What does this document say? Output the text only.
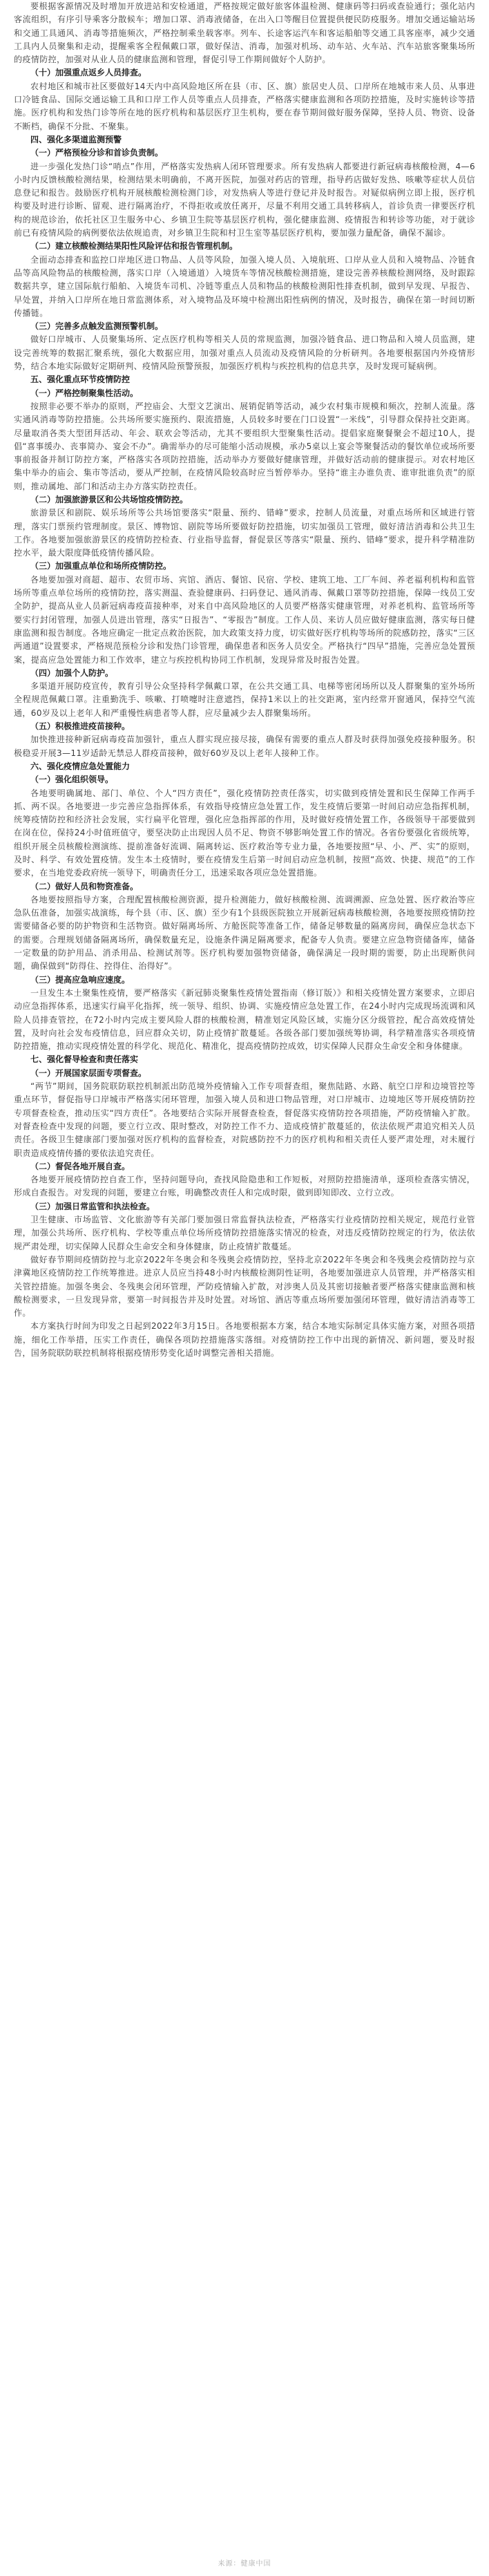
要根据客源情况及时增加开放进站和安检通道，严格按规定做好旅客体温检测、健康码等扫码或查验通行；强化站内客流组织，有序引导乘客分散候车；增加口罩、消毒液储备，在出入口等醒目位置提供便民防疫服务。增加交通运输站场和交通工具通风、消毒等措施频次，严格控制乘坐载客率。列车、长途客运汽车和客运船舶等交通工具客座率，减少交通工具内人员聚集和走动，提醒乘客全程佩戴口罩，做好保洁、消毒，加强对机场、动车站、火车站、汽车站旅客聚集场所的疫情防控，加强对从业人员的健康监测和管理，督促引导工作期间做好个人防护。

（十）加强重点返乡人员排查。

农村地区和城市社区要做好14天内中高风险地区所在县（市、区、旗）旅居史人员、口岸所在地城市来人员、从事进口冷链食品、国际交通运输工具和口岸工作人员等重点人员排查，严格落实健康监测和各项防控措施，及时实施转诊等措施。医疗机构和发热门诊等所在地的医疗机构和基层医疗卫生机构，要在春节期间做好服务保障，坚持人员、物资、设备不断档，确保不分批、不聚集。

四、强化多渠道监测预警

（一）严格预检分诊和首诊负责制。

进一步强化发热门诊“哨点”作用，严格落实发热病人闭环管理要求。所有发热病人都要进行新冠病毒核酸检测，4—6小时内反馈核酸检测结果，检测结果未明确前，不离开医院，加强对药店的管理，指导药店做好发热、咳嗽等症状人员信息登记和报告。鼓励医疗机构开展核酸检测检测门诊，对发热病人等进行登记并及时报告。对疑似病例立即上报，医疗机构要及时进行诊断、留观、进行隔离治疗，不得拒收或放任离开，尽量不利用交通工具转移病人，首诊负责一律要医疗机构的规范诊治，依托社区卫生服务中心、乡镇卫生院等基层医疗机构，强化健康监测、疫情报告和转诊等功能，对于就诊前已有疫情风险的病例要依法依规追责，对乡镇卫生院和村卫生室等基层医疗机构，要加强力量配备，确保不漏诊。

（二）建立核酸检测结果阳性风险评估和报告管理机制。

全面动态排查和监控口岸地区进口物品、人员等风险，加强入境人员、入境航班、口岸从业人员和入境物品、冷链食品等高风险物品的核酸检测，落实口岸（入境通道）入境货车等情况核酸检测措施，建设完善养核酸检测网络，及时跟踪数据共享，建立国际航行船舶、入境货车司机、冷链等重点人员和物品的核酸检测阳性排查机制，做到早发现、早报告、早处置，并纳入口岸所在地日常监测体系，对入境物品及环境中检测出阳性病例的情况，及时报告，确保在第一时间切断传播链。

（三）完善多点触发监测预警机制。

做好口岸城市、人员聚集场所、定点医疗机构等相关人员的常规监测，加强冷链食品、进口物品和入境人员监测，建设完善统筹的数据汇聚系统，强化大数据应用，加强对重点人员流动及疫情风险的分析研判。各地要根据国内外疫情形势，结合本地实际做好定期研判、疫情风险预警预报，加强医疗机构与疾控机构的信息共享，及时发现可疑病例。

五、强化重点环节疫情防控

（一）严格控制聚集性活动。

按照非必要不举办的原则，严控庙会、大型文艺演出、展销促销等活动，减少农村集市规模和频次，控制人流量。落实通风消毒等防控措施。公共场所要实施预约、限流措施，人员较多时要在门口设置“一米线”，引导群众保持社交距离。尽量取消各类大型团拜活动、年会、联欢会等活动，尤其不要组织大型聚集性活动。提倡家庭聚餐聚会不超过10人，提倡“喜事缓办、丧事简办、宴会不办”。确需举办的尽可能缩小活动规模，承办5桌以上宴会等聚餐活动的餐饮单位或场所要事前报备并制订防控方案，严格落实各项防控措施，活动举办方要做好健康管理，并做好活动前的健康提示。对农村地区集中举办的庙会、集市等活动，要从严控制，在疫情风险较高时应当暂停举办。坚持“谁主办谁负责、谁审批谁负责”的原则，推动属地、部门和活动主办方落实防控责任。

（二）加强旅游景区和公共场馆疫情防控。

旅游景区和剧院、娱乐场所等公共场馆要落实“限量、预约、错峰”要求，控制人员流量，对重点场所和区域进行管理，落实门票预约管理制度。景区、博物馆、剧院等场所要做好防控措施，切实加强员工管理，做好清洁消毒和公共卫生工作。各地要加强旅游景区的疫情防控检查、行业指导监督，督促景区等落实“限量、预约、错峰”要求，提升科学精准防控水平，最大限度降低疫情传播风险。

（三）加强重点单位和场所疫情防控。

各地要加强对商超、超市、农贸市场、宾馆、酒店、餐馆、民宿、学校、建筑工地、工厂车间、养老福利机构和监管场所等重点单位场所的疫情防控，落实测温、查验健康码、扫码登记、通风消毒、佩戴口罩等防控措施，保障一线员工安全防护，提高从业人员新冠病毒疫苗接种率，对来自中高风险地区的人员要严格落实健康管理，对养老机构、监管场所等要实行封闭管理，加强人员进出管理，落实“日报告”、“零报告”制度。工作人员、来访人员应做好健康监测，落实每日健康监测和报告制度。各地应确定一批定点救治医院，加大政策支持力度，切实做好医疗机构等场所的院感防控，落实“三区两通道”设置要求，严格规范预检分诊和发热门诊管理，确保患者和医务人员安全。严格执行“四早”措施，完善应急处置预案，提高应急处置能力和工作效率，建立与疾控机构协同工作机制，发现异常及时报告处置。

（四）加强个人防护。

多渠道开展防疫宣传，教育引导公众坚持科学佩戴口罩，在公共交通工具、电梯等密闭场所以及人群聚集的室外场所全程规范佩戴口罩。注重勤洗手、咳嗽、打喷嚏时注意遮挡，保持1米以上的社交距离，室内经常开窗通风，保持空气流通，60岁及以上老年人和严重慢性病患者等人群，应尽量减少去人群聚集场所。

（五）积极推进疫苗接种。

加快推进接种新冠病毒疫苗加强针，重点人群实现应接尽接，确保有需要的重点人群及时获得加强免疫接种服务。积极稳妥开展3—11岁适龄无禁忌人群疫苗接种，做好60岁及以上老年人接种工作。

六、强化疫情应急处置能力

（一）强化组织领导。

各地要明确属地、部门、单位、个人“四方责任”，强化疫情防控责任落实，切实做到疫情处置和民生保障工作两手抓、两不误。各地要进一步完善应急指挥体系，有效指导疫情应急处置工作，发生疫情后要第一时间启动应急指挥机制，统筹疫情防控和经济社会发展，实行扁平化管理，强化应急指挥部的作用，及时做好疫情处置工作，各级领导干部要做到在岗在位，保持24小时值班值守，要坚决防止出现因人员不足、物资不够影响处置工作的情况。各省份要强化省级统筹，组织开展全员核酸检测演练、提前准备好流调、隔离转运、医疗救治等专业力量，各地要按照“早、小、严、实”的原则，及时、科学、有效处置疫情。发生本土疫情时，要在疫情发生后第一时间启动应急机制，按照“高效、快捷、规范”的工作要求，在当地党委政府统一领导下，明确责任分工，迅速采取各项应急处置措施。

（二）做好人员和物资准备。

各地要按照指导方案，合理配置核酸检测资源，提升检测能力，做好核酸检测、流调溯源、应急处置、医疗救治等应急队伍准备，加强实战演练，每个县（市、区、旗）至少有1个县级医院独立开展新冠病毒核酸检测，各地要按照疫情防控需要储备必要的防护物资和生活物资。做好隔离场所、方舱医院等准备工作，储备足够数量的隔离房间，确保应急状态下的需要。合理规划储备隔离场所，确保数量充足，设施条件满足隔离要求，配备专人负责。要建立应急物资储备库，储备一定数量的防护用品、消杀用品、检测试剂等。医疗机构要加强物资储备，确保满足一段时期的需要，防止出现断供问题，确保做到“防得住、控得住、治得好”。

（三）提高应急响应速度。

一旦发生本土聚集性疫情，要严格落实《新冠肺炎聚集性疫情处置指南（修订版）》和相关疫情处置方案要求，立即启动应急指挥体系，迅速实行扁平化指挥，统一领导、组织、协调、实施疫情应急处置工作，在24小时内完成现场流调和风险人员排查管控，在72小时内完成主要风险人群的核酸检测，精准划定风险区域，实施分区分级管控，配合高效疫情处置，及时向社会发布疫情信息，回应群众关切，防止疫情扩散蔓延。各级各部门要加强统筹协调，科学精准落实各项疫情防控措施，推动实现疫情处置的科学化、规范化、精准化，提高疫情防控成效，切实保障人民群众生命安全和身体健康。

七、强化督导检查和责任落实

（一）开展国家层面专项督查。

“两节”期间，国务院联防联控机制派出防范境外疫情输入工作专项督查组，聚焦陆路、水路、航空口岸和边境管控等重点环节，督促指导口岸城市严格落实闭环管理，加强入境人员和进口物品管理，对口岸城市、边境地区等开展疫情防控专项督查检查，推动压实“四方责任”。各地要结合实际开展督查检查，督促落实疫情防控各项措施，严防疫情输入扩散。对督查检查中发现的问题，要立行立改、限时整改，对防控工作不力、造成疫情扩散蔓延的，依法依规严肃追究相关人员责任。各级卫生健康部门要加强对医疗机构的监督检查，对院感防控不力的医疗机构和相关责任人要严肃处理，对未履行职责造成疫情传播的要依法追究责任。

（二）督促各地开展自查。

各地要开展疫情防控自查工作，坚持问题导向，查找风险隐患和工作短板，对照防控措施清单，逐项检查落实情况，形成自查报告。对发现的问题，要建立台账，明确整改责任人和完成时限，做到即知即改、立行立改。

（三）加强日常监管和执法检查。

卫生健康、市场监管、文化旅游等有关部门要加强日常监督执法检查，严格落实行业疫情防控相关规定，规范行业管理，加强公共场所、医疗机构、学校等重点单位场所疫情防控措施落实情况的检查，对违反疫情防控规定的行为，依法依规严肃处理，切实保障人民群众生命安全和身体健康，防止疫情扩散蔓延。

做好春节期间疫情防控与北京2022年冬奥会和冬残奥会疫情防控，坚持北京2022年冬奥会和冬残奥会疫情防控与京津冀地区疫情防控工作统筹推进。进京人员应当持48小时内核酸检测阴性证明，各地要加强进京人员管理，并严格落实相关管控措施。加强冬奥会、冬残奥会闭环管理，严防疫情输入扩散，对涉奥人员及其密切接触者要严格落实健康监测和核酸检测要求，一旦发现异常，要第一时间报告并及时处置。对场馆、酒店等重点场所要加强闭环管理，做好清洁消毒等工作。

本方案执行时间为印发之日起到2022年3月15日。各地要根据本方案，结合本地实际制定具体实施方案，对照各项措施，细化工作举措，压实工作责任，确保各项防控措施落实落细。对疫情防控工作中出现的新情况、新问题，要及时报告，国务院联防联控机制将根据疫情形势变化适时调整完善相关措施。

来源：健康中国
